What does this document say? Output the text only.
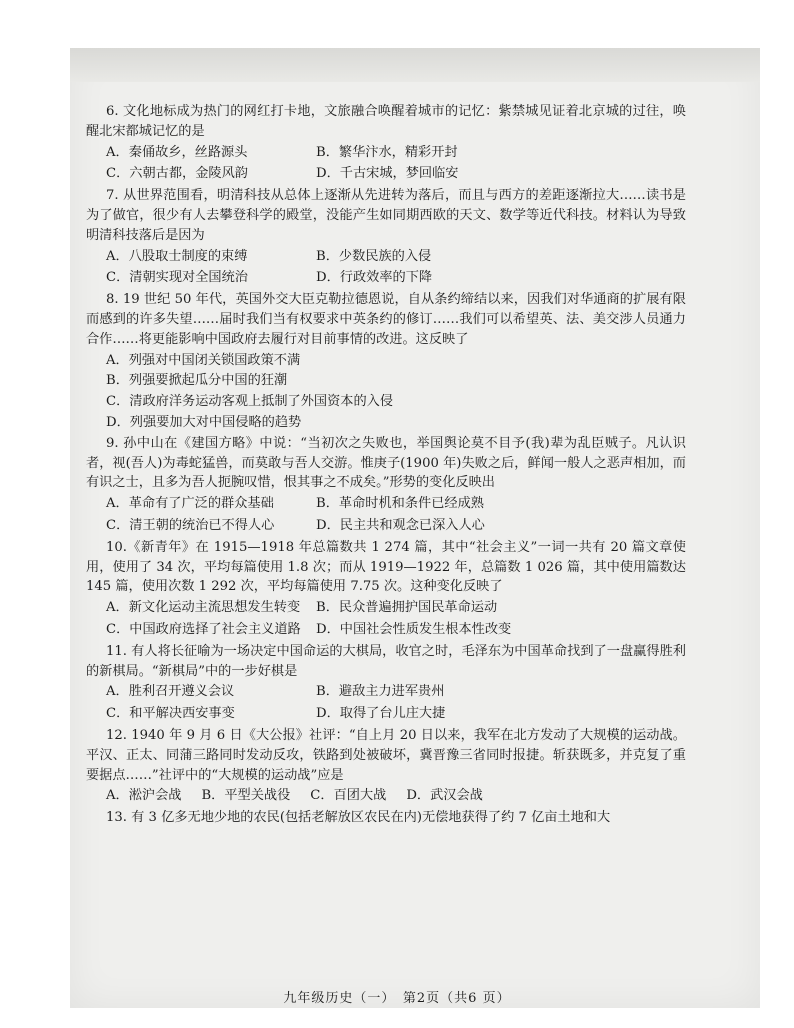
6. 文化地标成为热门的网红打卡地，文旅融合唤醒着城市的记忆：紫禁城见证着北京城的过往，唤醒北宋都城记忆的是

A．秦俑故乡，丝路源头	B．繁华汴水，精彩开封
C．六朝古都，金陵风韵	D．千古宋城，梦回临安

7. 从世界范围看，明清科技从总体上逐渐从先进转为落后，而且与西方的差距逐渐拉大……读书是为了做官，很少有人去攀登科学的殿堂，没能产生如同期西欧的天文、数学等近代科技。材料认为导致明清科技落后是因为

A．八股取士制度的束缚	B．少数民族的入侵
C．清朝实现对全国统治	D．行政效率的下降

8. 19 世纪 50 年代，英国外交大臣克勒拉德恩说，自从条约缔结以来，因我们对华通商的扩展有限而感到的许多失望……届时我们当有权要求中英条约的修订……我们可以希望英、法、美交涉人员通力合作……将更能影响中国政府去履行对目前事情的改进。这反映了

A．列强对中国闭关锁国政策不满
B．列强要掀起瓜分中国的狂潮
C．清政府洋务运动客观上抵制了外国资本的入侵
D．列强要加大对中国侵略的趋势

9. 孙中山在《建国方略》中说：“当初次之失败也，举国舆论莫不目予(我)辈为乱臣贼子。凡认识者，视(吾人)为毒蛇猛兽，而莫敢与吾人交游。惟庚子(1900 年)失败之后，鲜闻一般人之恶声相加，而有识之士，且多为吾人扼腕叹惜，恨其事之不成矣。”形势的变化反映出

A．革命有了广泛的群众基础	B．革命时机和条件已经成熟
C．清王朝的统治已不得人心	D．民主共和观念已深入人心

10.《新青年》在 1915—1918 年总篇数共 1 274 篇，其中“社会主义”一词一共有 20 篇文章使用，使用了 34 次，平均每篇使用 1.8 次；而从 1919—1922 年，总篇数 1 026 篇，其中使用篇数达 145 篇，使用次数 1 292 次，平均每篇使用 7.75 次。这种变化反映了

A．新文化运动主流思想发生转变	B．民众普遍拥护国民革命运动
C．中国政府选择了社会主义道路	D．中国社会性质发生根本性改变

11. 有人将长征喻为一场决定中国命运的大棋局，收官之时，毛泽东为中国革命找到了一盘赢得胜利的新棋局。“新棋局”中的一步好棋是

A．胜利召开遵义会议	B．避敌主力进军贵州
C．和平解决西安事变	D．取得了台儿庄大捷

12. 1940 年 9 月 6 日《大公报》社评：“自上月 20 日以来，我军在北方发动了大规模的运动战。平汉、正太、同蒲三路同时发动反攻，铁路到处被破坏，冀晋豫三省同时报捷。斩获既多，并克复了重要据点……”社评中的“大规模的运动战”应是

A．淞沪会战 B．平型关战役 C．百团大战 D．武汉会战

13. 有 3 亿多无地少地的农民(包括老解放区农民在内)无偿地获得了约 7 亿亩土地和大

九年级历史（一）　第2页（共6 页）
